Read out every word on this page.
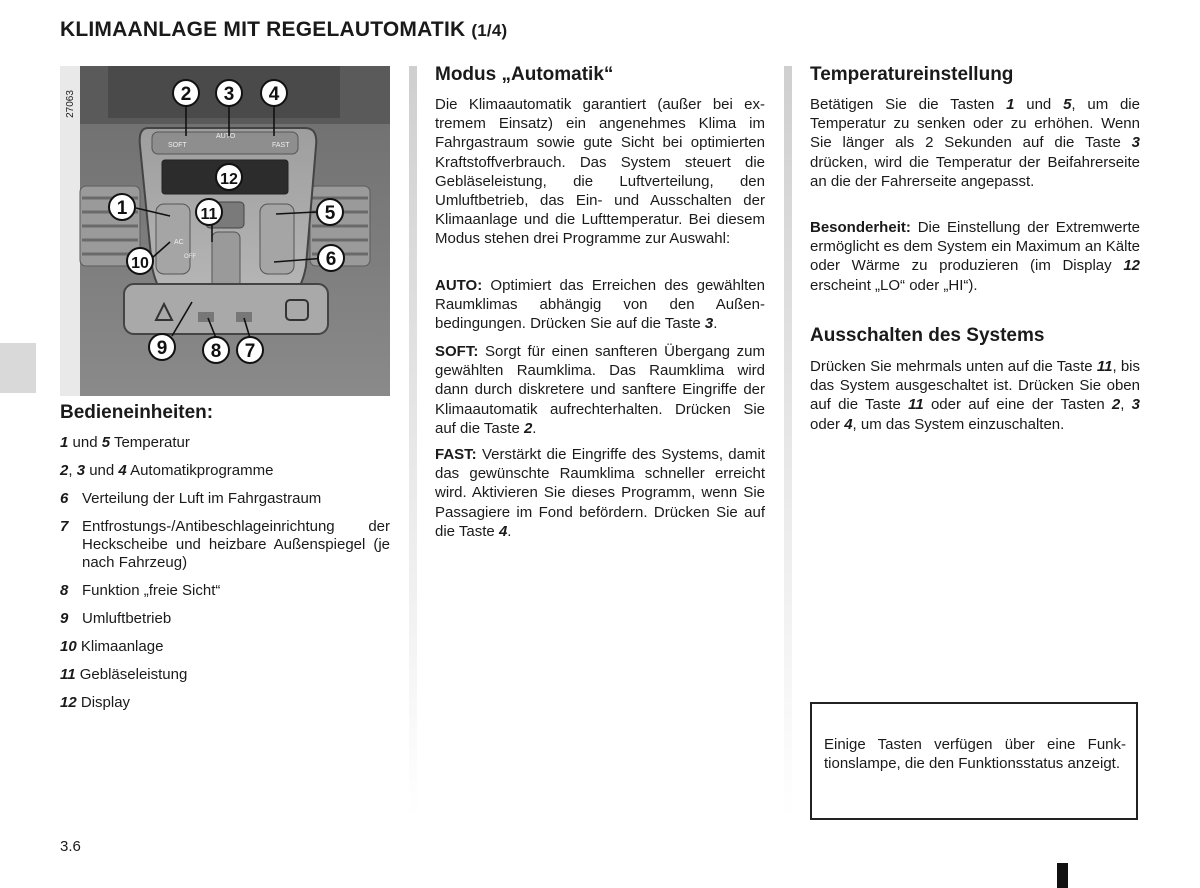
KLIMAANLAGE MIT REGELAUTOMATIK (1/4)
SOFT
AUTO
FAST
AC
OFF
2 3 4
12
1	11	5
6
10
9 8 7
27063
Bedieneinheiten:
1 und 5 Temperatur
2, 3 und 4 Automatikprogramme
6 Verteilung der Luft im Fahrgastraum
7 Entfrostungs-/Antibeschlageinrichtung der Heckscheibe und heizbare Außenspiegel (je nach Fahrzeug)
8 Funktion „freie Sicht“
9 Umluftbetrieb
10 Klimaanlage
11 Gebläseleistung
12 Display
Modus „Automatik“

Die Klimaautomatik garantiert (außer bei extremem Einsatz) ein angenehmes Klima im Fahrgastraum sowie gute Sicht bei optimierten Kraftstoffverbrauch. Das System steuert die Gebläseleistung, die Luftverteilung, den Umluftbetrieb, das Ein- und Ausschalten der Klimaanlage und die Lufttemperatur. Bei diesem Modus stehen drei Programme zur Auswahl:

AUTO: Optimiert das Erreichen des gewählten Raumklimas abhängig von den Außenbedingungen. Drücken Sie auf die Taste 3.

SOFT: Sorgt für einen sanfteren Übergang zum gewählten Raumklima. Das Raumklima wird dann durch diskretere und sanftere Eingriffe der Klimaautomatik aufrechterhalten. Drücken Sie auf die Taste 2.

FAST: Verstärkt die Eingriffe des Systems, damit das gewünschte Raumklima schneller erreicht wird. Aktivieren Sie dieses Programm, wenn Sie Passagiere im Fond befördern. Drücken Sie auf die Taste 4.

Temperatureinstellung

Betätigen Sie die Tasten 1 und 5, um die Temperatur zu senken oder zu erhöhen. Wenn Sie länger als 2 Sekunden auf die Taste 3 drücken, wird die Temperatur der Beifahrerseite an die der Fahrerseite angepasst.

Besonderheit: Die Einstellung der Extremwerte ermöglicht es dem System ein Maximum an Kälte oder Wärme zu produzieren (im Display 12 erscheint „LO“ oder „HI“).

Ausschalten des Systems

Drücken Sie mehrmals unten auf die Taste 11, bis das System ausgeschaltet ist. Drücken Sie oben auf die Taste 11 oder auf eine der Tasten 2, 3 oder 4, um das System einzuschalten.

Einige Tasten verfügen über eine Funktionslampe, die den Funktionsstatus anzeigt.

3.6
